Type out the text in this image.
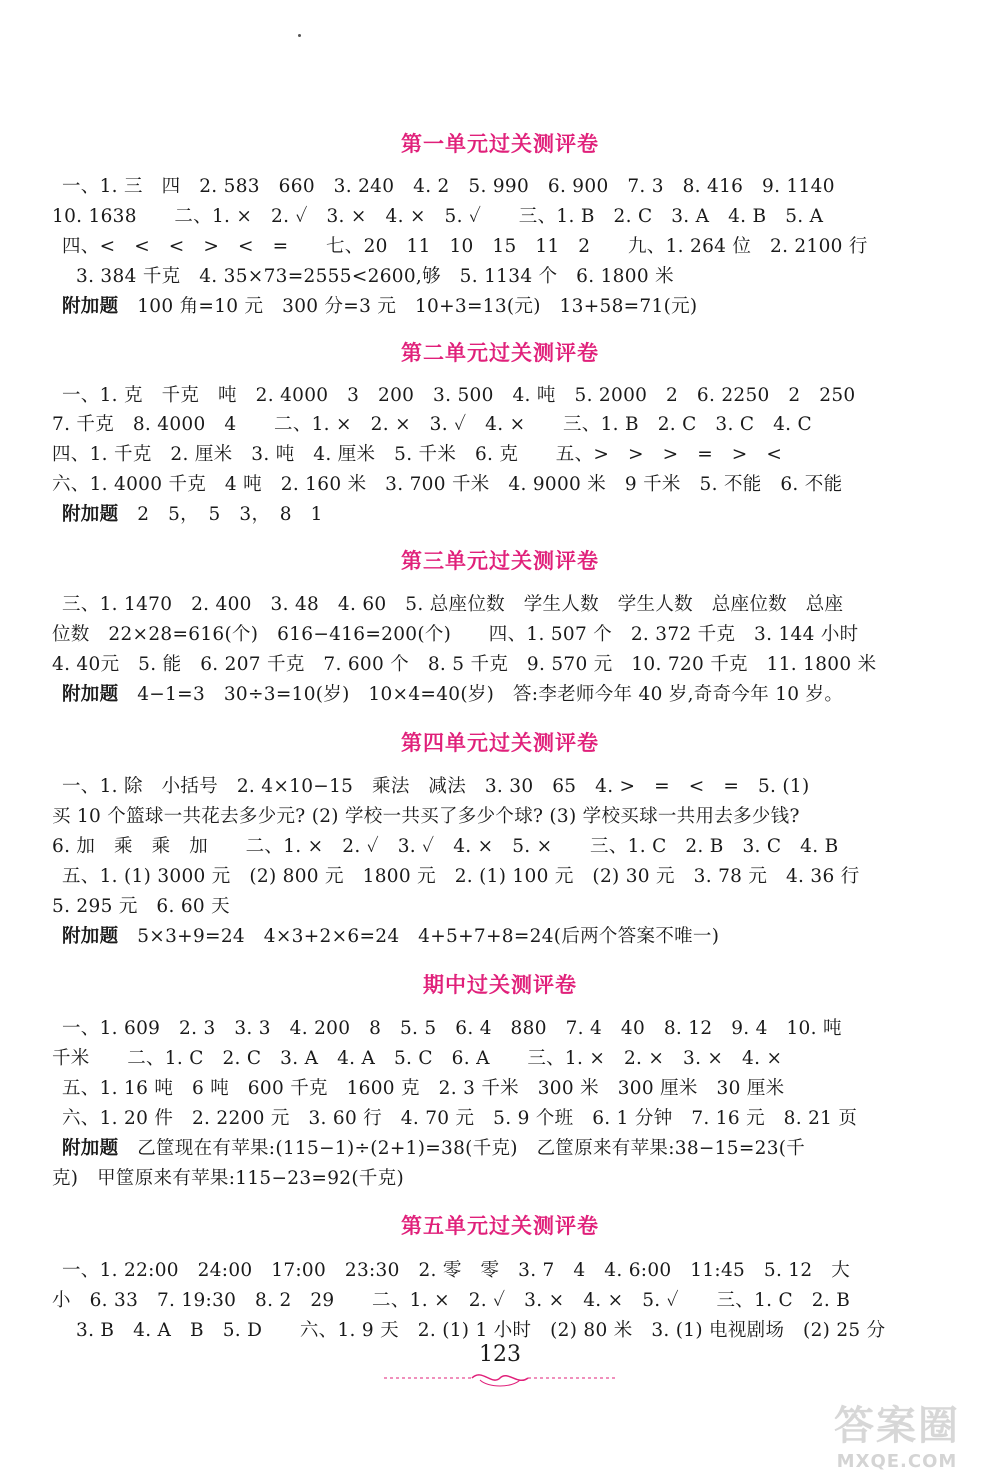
第一单元过关测评卷
一、1. 三　四　2. 583　660　3. 240　4. 2　5. 990　6. 900　7. 3　8. 416　9. 1140
10. 1638　　二、1. ×　2. ✓　3. ×　4. ×　5. ✓　　三、1. B　2. C　3. A　4. B　5. A
四、<　<　<　>　<　=　　七、20　11　10　15　11　2　　九、1. 264 位　2. 2100 行
3. 384 千克　4. 35×73=2555<2600,够　5. 1134 个　6. 1800 米
附加题　100 角=10 元　300 分=3 元　10+3=13(元)　13+58=71(元)
第二单元过关测评卷
一、1. 克　千克　吨　2. 4000　3　200　3. 500　4. 吨　5. 2000　2　6. 2250　2　250
7. 千克　8. 4000　4　　二、1. ×　2. ×　3. ✓　4. ×　　三、1. B　2. C　3. C　4. C
四、1. 千克　2. 厘米　3. 吨　4. 厘米　5. 千米　6. 克　　五、>　>　>　=　>　<
六、1. 4000 千克　4 吨　2. 160 米　3. 700 千米　4. 9000 米　9 千米　5. 不能　6. 不能
附加题　2　5，　5　3，　8　1
第三单元过关测评卷
三、1. 1470　2. 400　3. 48　4. 60　5. 总座位数　学生人数　学生人数　总座位数　总座
位数　22×28=616(个)　616−416=200(个)　　四、1. 507 个　2. 372 千克　3. 144 小时
4. 40元　5. 能　6. 207 千克　7. 600 个　8. 5 千克　9. 570 元　10. 720 千克　11. 1800 米
附加题　4−1=3　30÷3=10(岁)　10×4=40(岁)　答:李老师今年 40 岁,奇奇今年 10 岁。
第四单元过关测评卷
一、1. 除　小括号　2. 4×10−15　乘法　减法　3. 30　65　4. >　=　<　=　5. (1)
买 10 个篮球一共花去多少元? (2) 学校一共买了多少个球? (3) 学校买球一共用去多少钱?
6. 加　乘　乘　加　　二、1. ×　2. ✓　3. ✓　4. ×　5. ×　　三、1. C　2. B　3. C　4. B
五、1. (1) 3000 元　(2) 800 元　1800 元　2. (1) 100 元　(2) 30 元　3. 78 元　4. 36 行
5. 295 元　6. 60 天
附加题　5×3+9=24　4×3+2×6=24　4+5+7+8=24(后两个答案不唯一)
期中过关测评卷
一、1. 609　2. 3　3. 3　4. 200　8　5. 5　6. 4　880　7. 4　40　8. 12　9. 4　10. 吨
千米　　二、1. C　2. C　3. A　4. A　5. C　6. A　　三、1. ×　2. ×　3. ×　4. ×
五、1. 16 吨　6 吨　600 千克　1600 克　2. 3 千米　300 米　300 厘米　30 厘米
六、1. 20 件　2. 2200 元　3. 60 行　4. 70 元　5. 9 个班　6. 1 分钟　7. 16 元　8. 21 页
附加题　乙筐现在有苹果:(115−1)÷(2+1)=38(千克)　乙筐原来有苹果:38−15=23(千
克)　甲筐原来有苹果:115−23=92(千克)
第五单元过关测评卷
一、1. 22:00　24:00　17:00　23:30　2. 零　零　3. 7　4　4. 6:00　11:45　5. 12　大
小　6. 33　7. 19:30　8. 2　29　　二、1. ×　2. ✓　3. ×　4. ×　5. ✓　　三、1. C　2. B
3. B　4. A　B　5. D　　六、1. 9 天　2. (1) 1 小时　(2) 80 米　3. (1) 电视剧场　(2) 25 分
123
答案圈
MXQE.COM
